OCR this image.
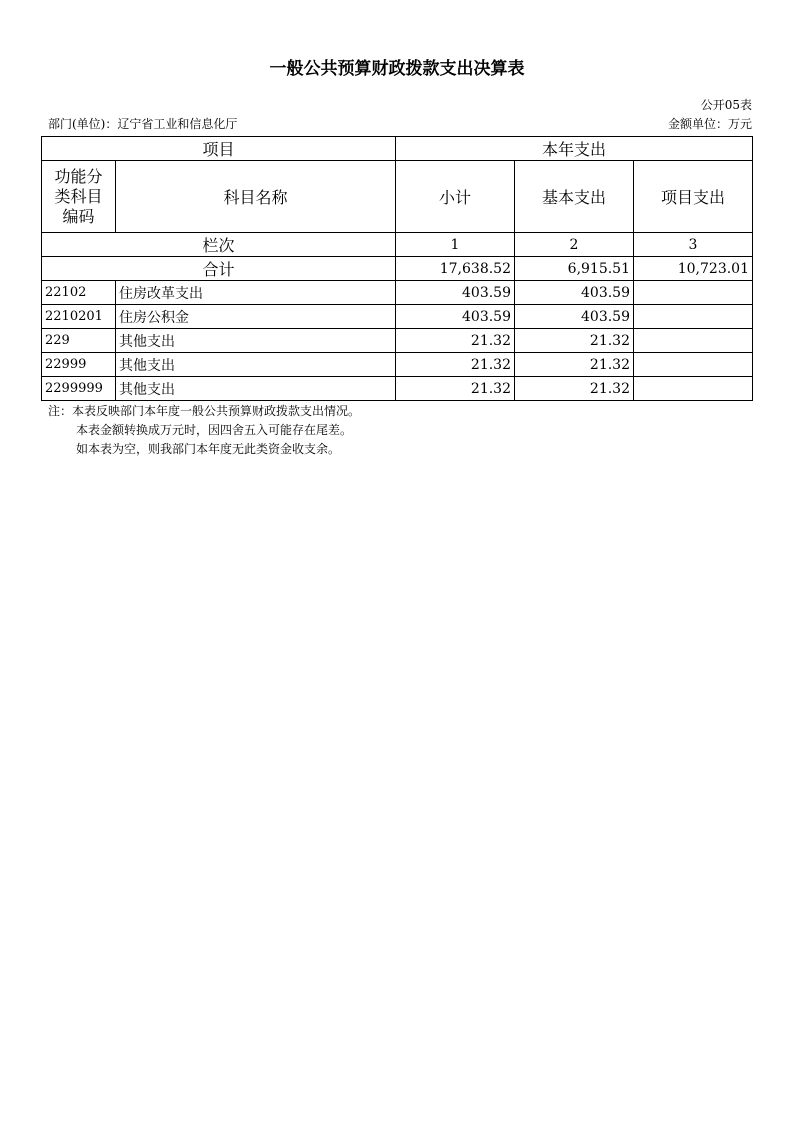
一般公共预算财政拨款支出决算表
公开05表
部门(单位)：辽宁省工业和信息化厅	金额单位：万元
项目		本年支出		
功能分类科目编码	科目名称	小计	基本支出	项目支出
栏次		1	2	3
合计		17,638.52	6,915.51	10,723.01
22102	住房改革支出	403.59	403.59	
2210201	住房公积金	403.59	403.59	
229	其他支出	21.32	21.32	
22999	其他支出	21.32	21.32	
2299999	其他支出	21.32	21.32	
注：本表反映部门本年度一般公共预算财政拨款支出情况。
本表金额转换成万元时，因四舍五入可能存在尾差。
如本表为空，则我部门本年度无此类资金收支余。
